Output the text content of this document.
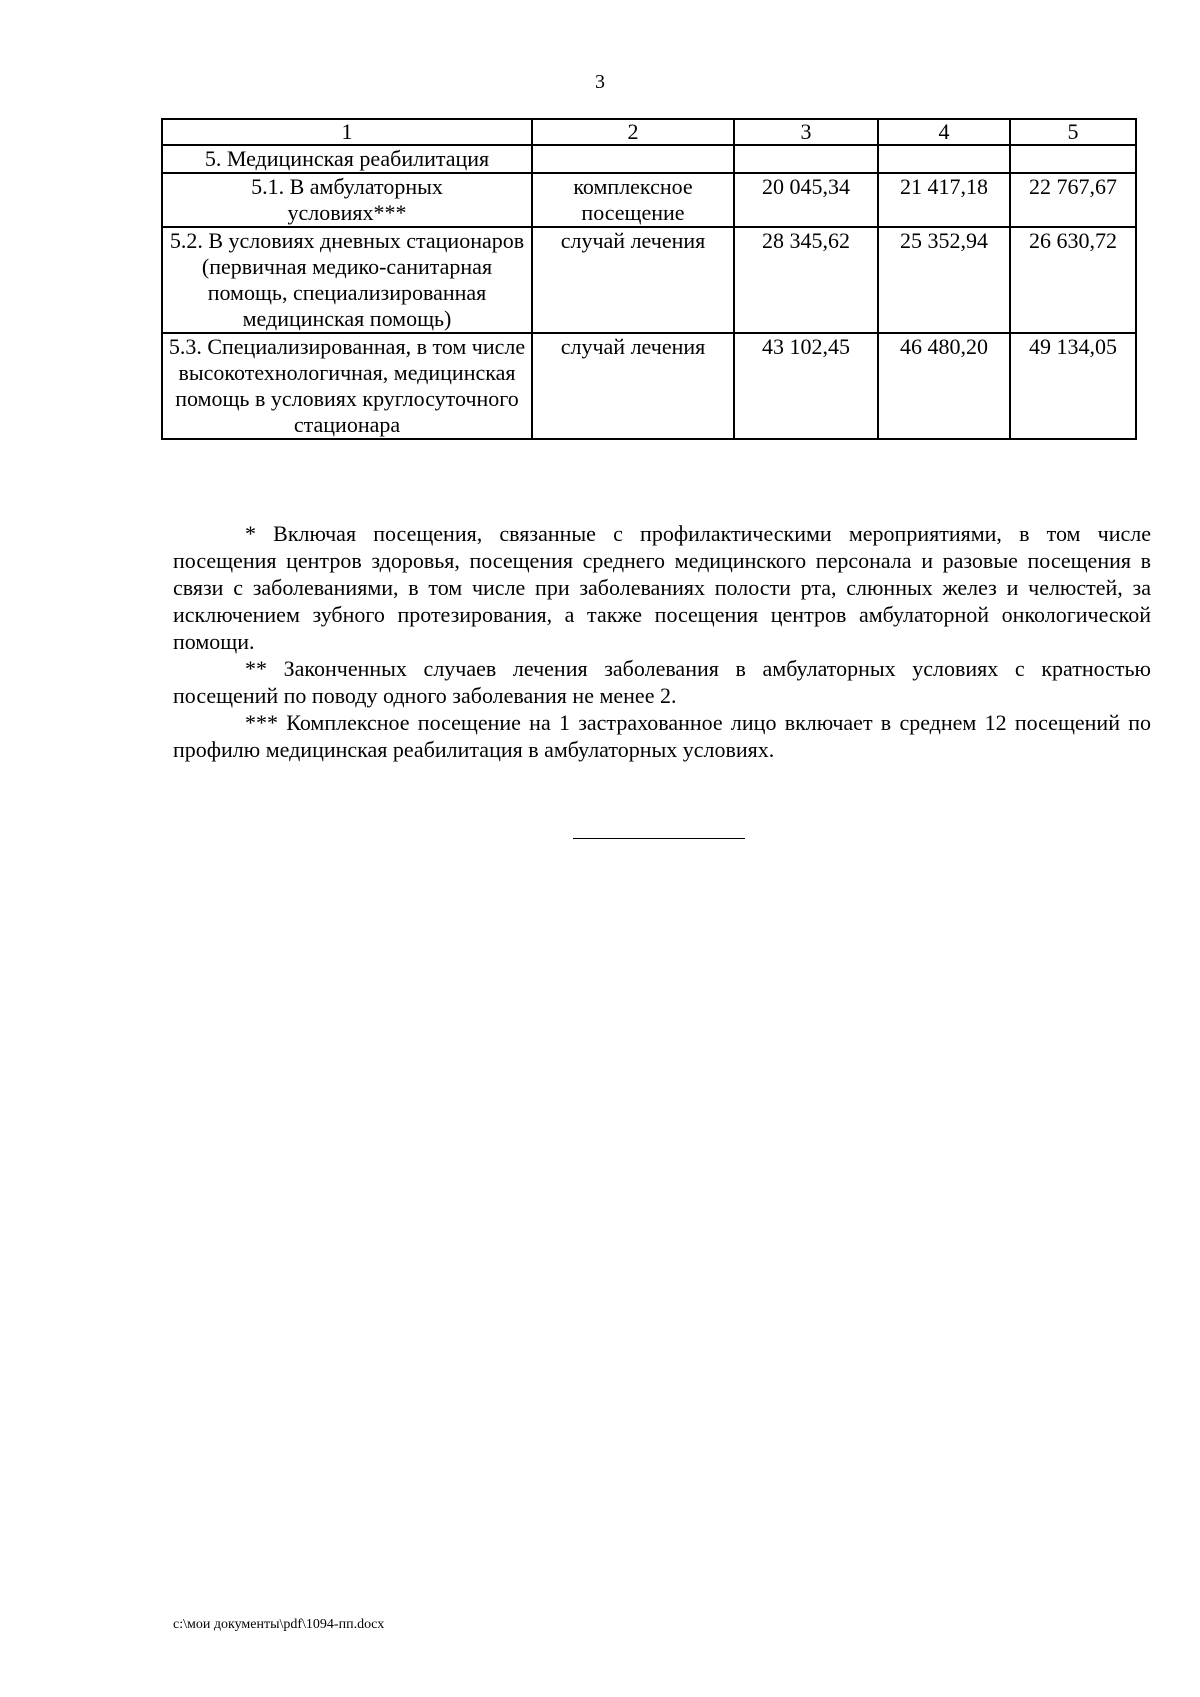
3
1	2	3	4	5
5. Медицинская реабилитация				
5.1. В амбулаторных условиях***	комплексное посещение	20 045,34	21 417,18	22 767,67
5.2. В условиях дневных стационаров (первичная медико-санитарная помощь, специализированная медицинская помощь)	случай лечения	28 345,62	25 352,94	26 630,72
5.3. Специализированная, в том числе высокотехнологичная, медицинская помощь в условиях круглосуточного стационара	случай лечения	43 102,45	46 480,20	49 134,05

* Включая посещения, связанные с профилактическими мероприятиями, в том числе посещения центров здоровья, посещения среднего медицинского персонала и разовые посещения в связи с заболеваниями, в том числе при заболеваниях полости рта, слюнных желез и челюстей, за исключением зубного протезирования, а также посещения центров амбулаторной онкологической помощи.

** Законченных случаев лечения заболевания в амбулаторных условиях с кратностью посещений по поводу одного заболевания не менее 2.

*** Комплексное посещение на 1 застрахованное лицо включает в среднем 12 посещений по профилю медицинская реабилитация в амбулаторных условиях.

c:\мои документы\pdf\1094-пп.docx
